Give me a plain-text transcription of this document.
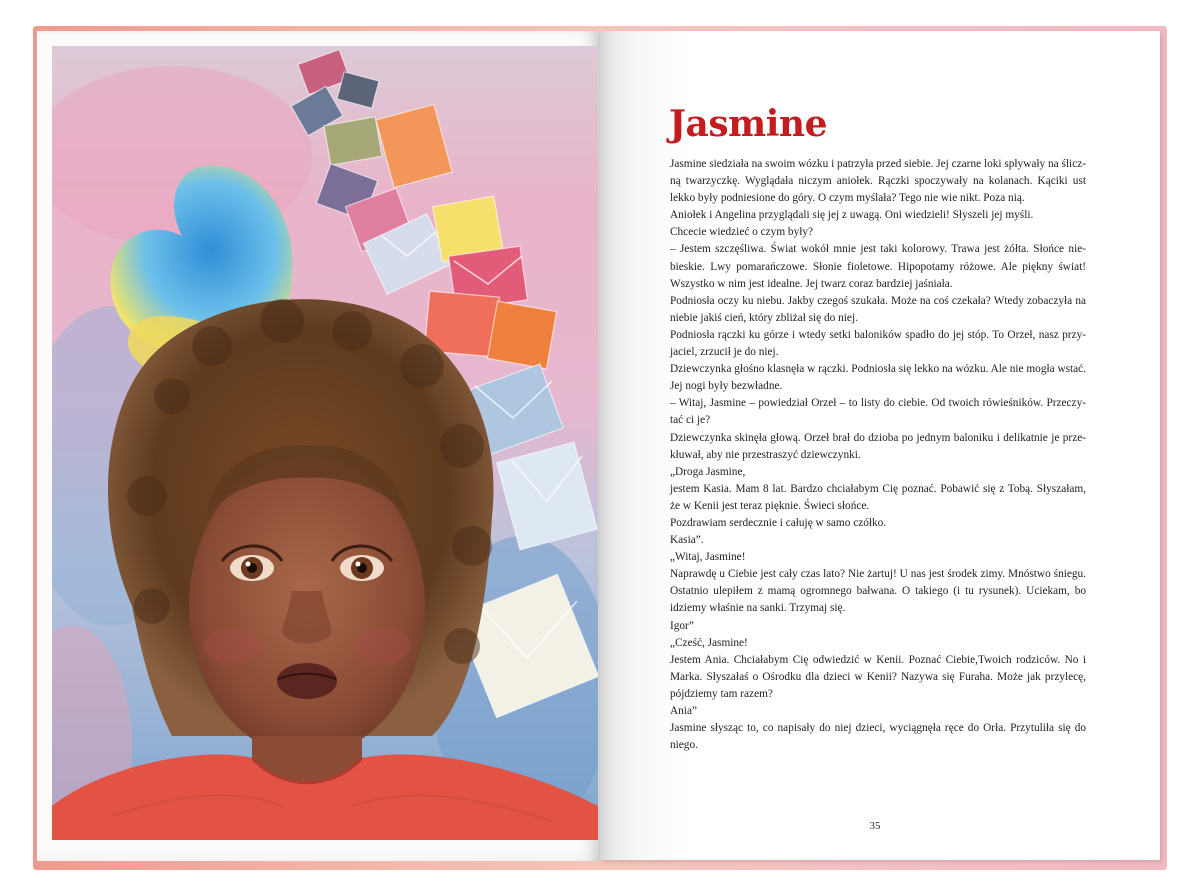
Jasmine

Jasmine siedziała na swoim wózku i patrzyła przed siebie. Jej czarne loki spływały na śliczną twarzyczkę. Wyglądała niczym aniołek. Rączki spoczywały na kolanach. Kąciki ust lekko były podniesione do góry. O czym myślała? Tego nie wie nikt. Poza nią.

Aniołek i Angelina przyglądali się jej z uwagą. Oni wiedzieli! Słyszeli jej myśli.

Chcecie wiedzieć o czym były?

– Jestem szczęśliwa. Świat wokół mnie jest taki kolorowy. Trawa jest żółta. Słońce niebieskie. Lwy pomarańczowe. Słonie fioletowe. Hipopotamy różowe. Ale piękny świat! Wszystko w nim jest idealne. Jej twarz coraz bardziej jaśniała.

Podniosła oczy ku niebu. Jakby czegoś szukała. Może na coś czekała? Wtedy zobaczyła na niebie jakiś cień, który zbliżał się do niej.

Podniosła rączki ku górze i wtedy setki baloników spadło do jej stóp. To Orzeł, nasz przyjaciel, zrzucił je do niej.

Dziewczynka głośno klasnęła w rączki. Podniosła się lekko na wózku. Ale nie mogła wstać. Jej nogi były bezwładne.

– Witaj, Jasmine – powiedział Orzeł – to listy do ciebie. Od twoich rówieśników. Przeczytać ci je?

Dziewczynka skinęła głową. Orzeł brał do dzioba po jednym baloniku i delikatnie je przekłuwał, aby nie przestraszyć dziewczynki.

„Droga Jasmine,

jestem Kasia. Mam 8 lat. Bardzo chciałabym Cię poznać. Pobawić się z Tobą. Słyszałam, że w Kenii jest teraz pięknie. Świeci słońce.

Pozdrawiam serdecznie i całuję w samo czółko.

Kasia”.

„Witaj, Jasmine!

Naprawdę u Ciebie jest cały czas lato? Nie żartuj! U nas jest środek zimy. Mnóstwo śniegu. Ostatnio ulepiłem z mamą ogromnego bałwana. O takiego (i tu rysunek). Uciekam, bo idziemy właśnie na sanki. Trzymaj się.

Igor”

„Cześć, Jasmine!

Jestem Ania. Chciałabym Cię odwiedzić w Kenii. Poznać Ciebie,Twoich rodziców. No i Marka. Słyszałaś o Ośrodku dla dzieci w Kenii? Nazywa się Furaha. Może jak przylecę, pójdziemy tam razem?

Ania”

Jasmine słysząc to, co napisały do niej dzieci, wyciągnęła ręce do Orła. Przytuliła się do niego.

35
